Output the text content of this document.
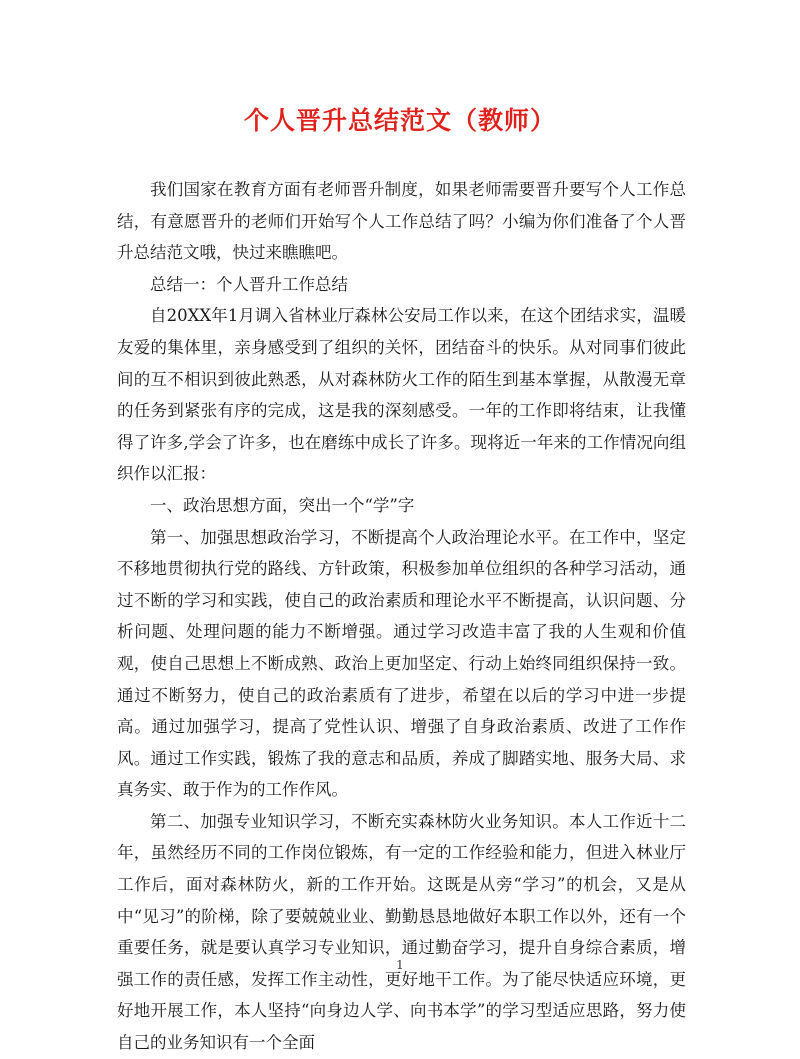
个人晋升总结范文（教师）

我们国家在教育方面有老师晋升制度，如果老师需要晋升要写个人工作总结，有意愿晋升的老师们开始写个人工作总结了吗？小编为你们准备了个人晋升总结范文哦，快过来瞧瞧吧。

总结一：个人晋升工作总结

自20XX年1月调入省林业厅森林公安局工作以来，在这个团结求实，温暖友爱的集体里，亲身感受到了组织的关怀，团结奋斗的快乐。从对同事们彼此间的互不相识到彼此熟悉，从对森林防火工作的陌生到基本掌握，从散漫无章的任务到紧张有序的完成，这是我的深刻感受。一年的工作即将结束，让我懂得了许多,学会了许多，也在磨练中成长了许多。现将近一年来的工作情况向组织作以汇报：

一、政治思想方面，突出一个“学”字

第一、加强思想政治学习，不断提高个人政治理论水平。在工作中，坚定不移地贯彻执行党的路线、方针政策，积极参加单位组织的各种学习活动，通过不断的学习和实践，使自己的政治素质和理论水平不断提高，认识问题、分析问题、处理问题的能力不断增强。通过学习改造丰富了我的人生观和价值观，使自己思想上不断成熟、政治上更加坚定、行动上始终同组织保持一致。通过不断努力，使自己的政治素质有了进步，希望在以后的学习中进一步提高。通过加强学习，提高了党性认识、增强了自身政治素质、改进了工作作风。通过工作实践，锻炼了我的意志和品质，养成了脚踏实地、服务大局、求真务实、敢于作为的工作作风。

第二、加强专业知识学习，不断充实森林防火业务知识。本人工作近十二年，虽然经历不同的工作岗位锻炼，有一定的工作经验和能力，但进入林业厅工作后，面对森林防火，新的工作开始。这既是从旁“学习”的机会，又是从中“见习”的阶梯，除了要兢兢业业、勤勤恳恳地做好本职工作以外，还有一个重要任务，就是要认真学习专业知识，通过勤奋学习，提升自身综合素质，增强工作的责任感，发挥工作主动性，更好地干工作。为了能尽快适应环境，更好地开展工作，本人坚持“向身边人学、向书本学”的学习型适应思路，努力使自己的业务知识有一个全面

1
